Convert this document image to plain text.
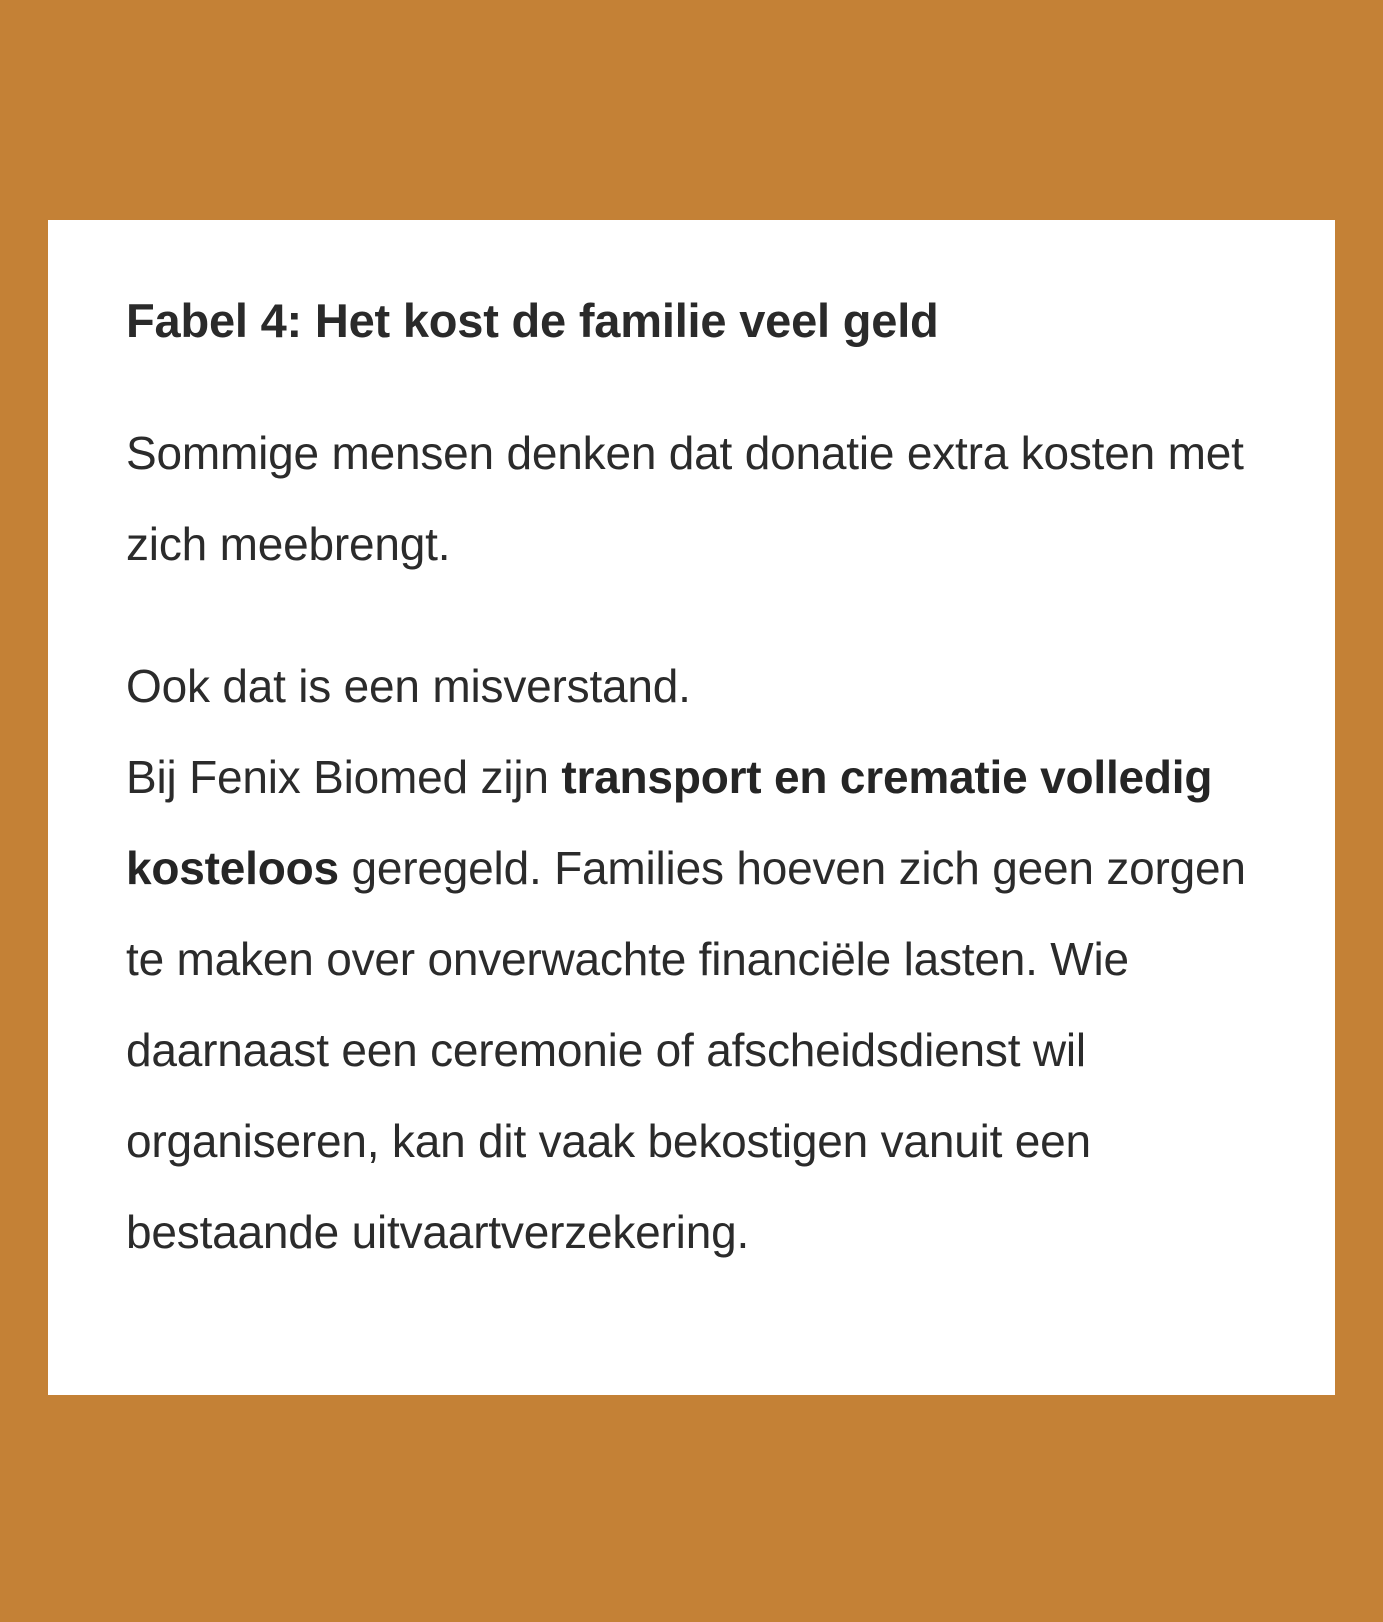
Fabel 4: Het kost de familie veel geld

Sommige mensen denken dat donatie extra kosten met zich meebrengt.

Ook dat is een misverstand.
Bij Fenix Biomed zijn transport en crematie volledig kosteloos geregeld. Families hoeven zich geen zorgen te maken over onverwachte financiële lasten. Wie daarnaast een ceremonie of afscheidsdienst wil organiseren, kan dit vaak bekostigen vanuit een bestaande uitvaartverzekering.
